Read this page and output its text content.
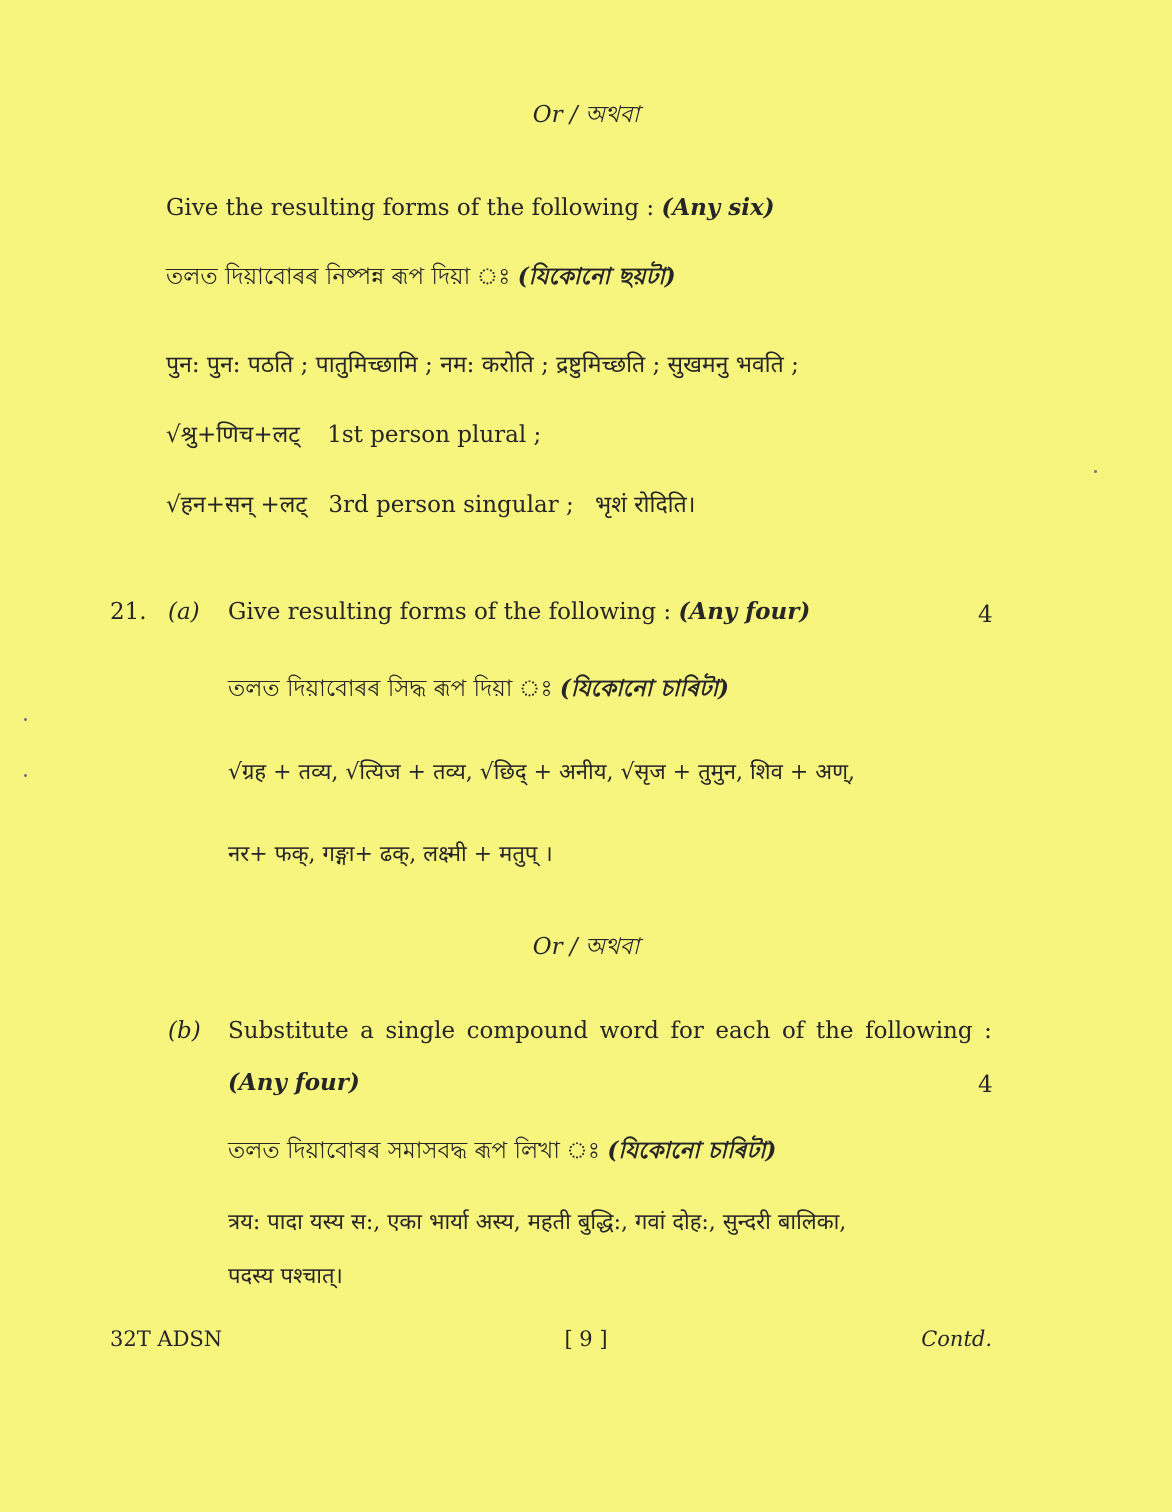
Or / অথবা
Give the resulting forms of the following : (Any six)
তলত দিয়াবোৰৰ নিষ্পন্ন ৰূপ দিয়া ঃ (যিকোনো ছয়টা)
पुन: पुन: पठति ; पातुमिच्छामि ; नम: करोति ; द्रष्टुमिच्छति ; सुखमनु भवति ;
√श्रु+णिच+लट् 1st person plural ;
√हन+सन् +लट् 3rd person singular ; भृशं रोदिति।
21. (a) Give resulting forms of the following : (Any four)	4
তলত দিয়াবোৰৰ সিদ্ধ ৰূপ দিয়া ঃ (যিকোনো চাৰিটা)
√ग्रह + तव्य, √त्यिज + तव्य, √छिद् + अनीय, √सृज + तुमुन, शिव + अण्,
नर+ फक्, गङ्गा+ ढक्, लक्ष्मी + मतुप् ।
Or / অথবা
(b) Substitute a single compound word for each of the following :
(Any four)	4
তলত দিয়াবোৰৰ সমাসবদ্ধ ৰূপ লিখা ঃ (যিকোনো চাৰিটা)
त्रय: पादा यस्य स:, एका भार्या अस्य, महती बुद्धि:, गवां दोह:, सुन्दरी बालिका,
पदस्य पश्चात्।
32T ADSN	[ 9 ]	Contd.
